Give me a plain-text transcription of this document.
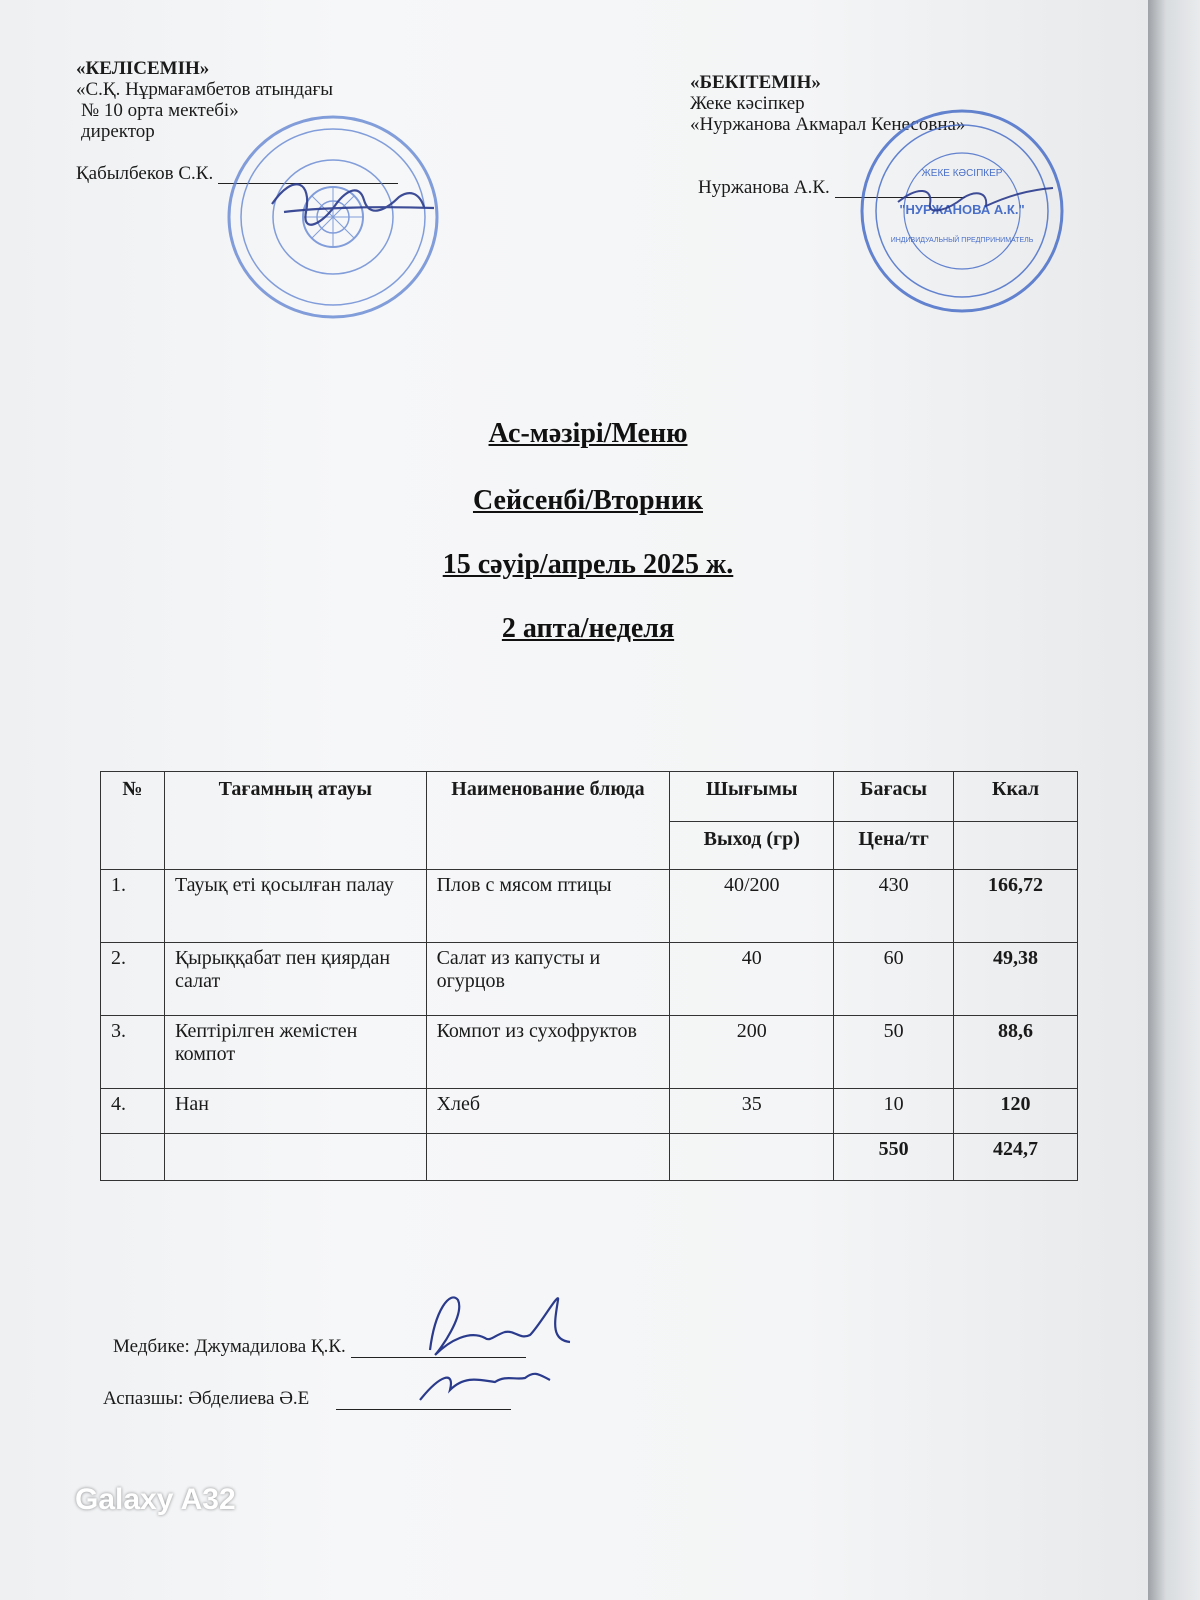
«КЕЛІСЕМІН»
«С.Қ. Нұрмағамбетов атындағы
№ 10 орта мектебі»
директор
Қабылбеков С.К.
«БЕКІТЕМІН»
Жеке кәсіпкер
«Нуржанова Акмарал Кенесовна»
Нуржанова А.К.
ЖЕКЕ КӘСІПКЕР
"НУРЖАНОВА А.К."
ИНДИВИДУАЛЬНЫЙ ПРЕДПРИНИМАТЕЛЬ
Ас-мәзірі/Меню
Сейсенбі/Вторник
15 сәуір/апрель 2025 ж.
2 апта/неделя
№	Тағамның атауы	Наименование блюда	Шығымы	Бағасы	Ккал
			Выход (гр)	Цена/тг	
1.	Тауық еті қосылған палау	Плов с мясом птицы	40/200	430	166,72
2.	Қырыққабат пен қиярдан салат	Салат из капусты и огурцов	40	60	49,38
3.	Кептірілген жемістен компот	Компот из сухофруктов	200	50	88,6
4.	Нан	Хлеб	35	10	120
				550	424,7
Медбике: Джумадилова Қ.К.
Аспазшы: Әбделиева Ә.Е
Galaxy A32
